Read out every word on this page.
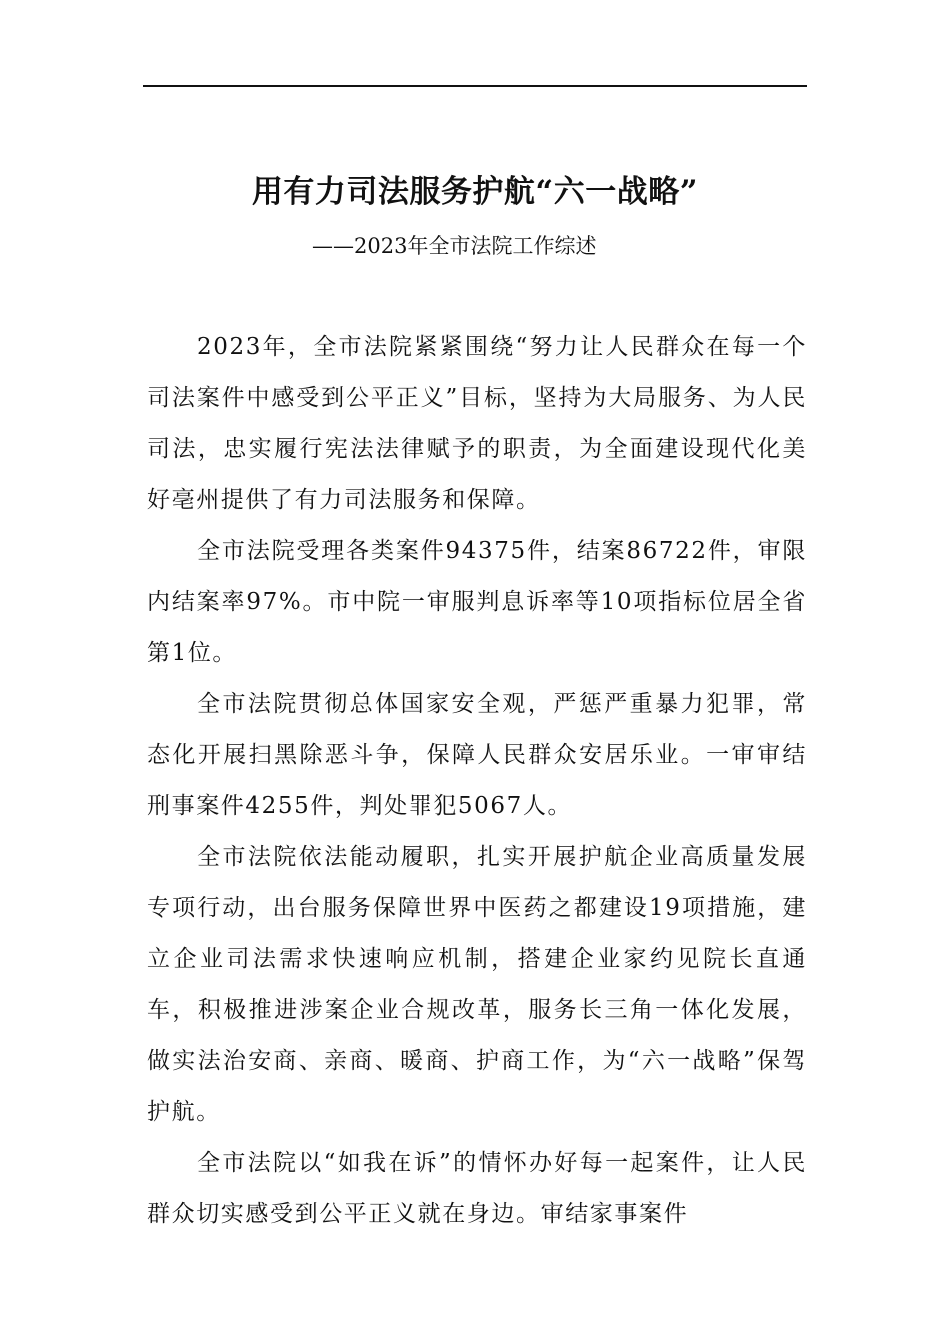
用有力司法服务护航“六一战略”
——2023年全市法院工作综述

2023年，全市法院紧紧围绕“努力让人民群众在每一个司法案件中感受到公平正义”目标，坚持为大局服务、为人民司法，忠实履行宪法法律赋予的职责，为全面建设现代化美好亳州提供了有力司法服务和保障。

全市法院受理各类案件94375件，结案86722件，审限内结案率97%。市中院一审服判息诉率等10项指标位居全省第1位。

全市法院贯彻总体国家安全观，严惩严重暴力犯罪，常态化开展扫黑除恶斗争，保障人民群众安居乐业。一审审结刑事案件4255件，判处罪犯5067人。

全市法院依法能动履职，扎实开展护航企业高质量发展专项行动，出台服务保障世界中医药之都建设19项措施，建立企业司法需求快速响应机制，搭建企业家约见院长直通车，积极推进涉案企业合规改革，服务长三角一体化发展，做实法治安商、亲商、暖商、护商工作，为“六一战略”保驾护航。

全市法院以“如我在诉”的情怀办好每一起案件，让人民群众切实感受到公平正义就在身边。审结家事案件
